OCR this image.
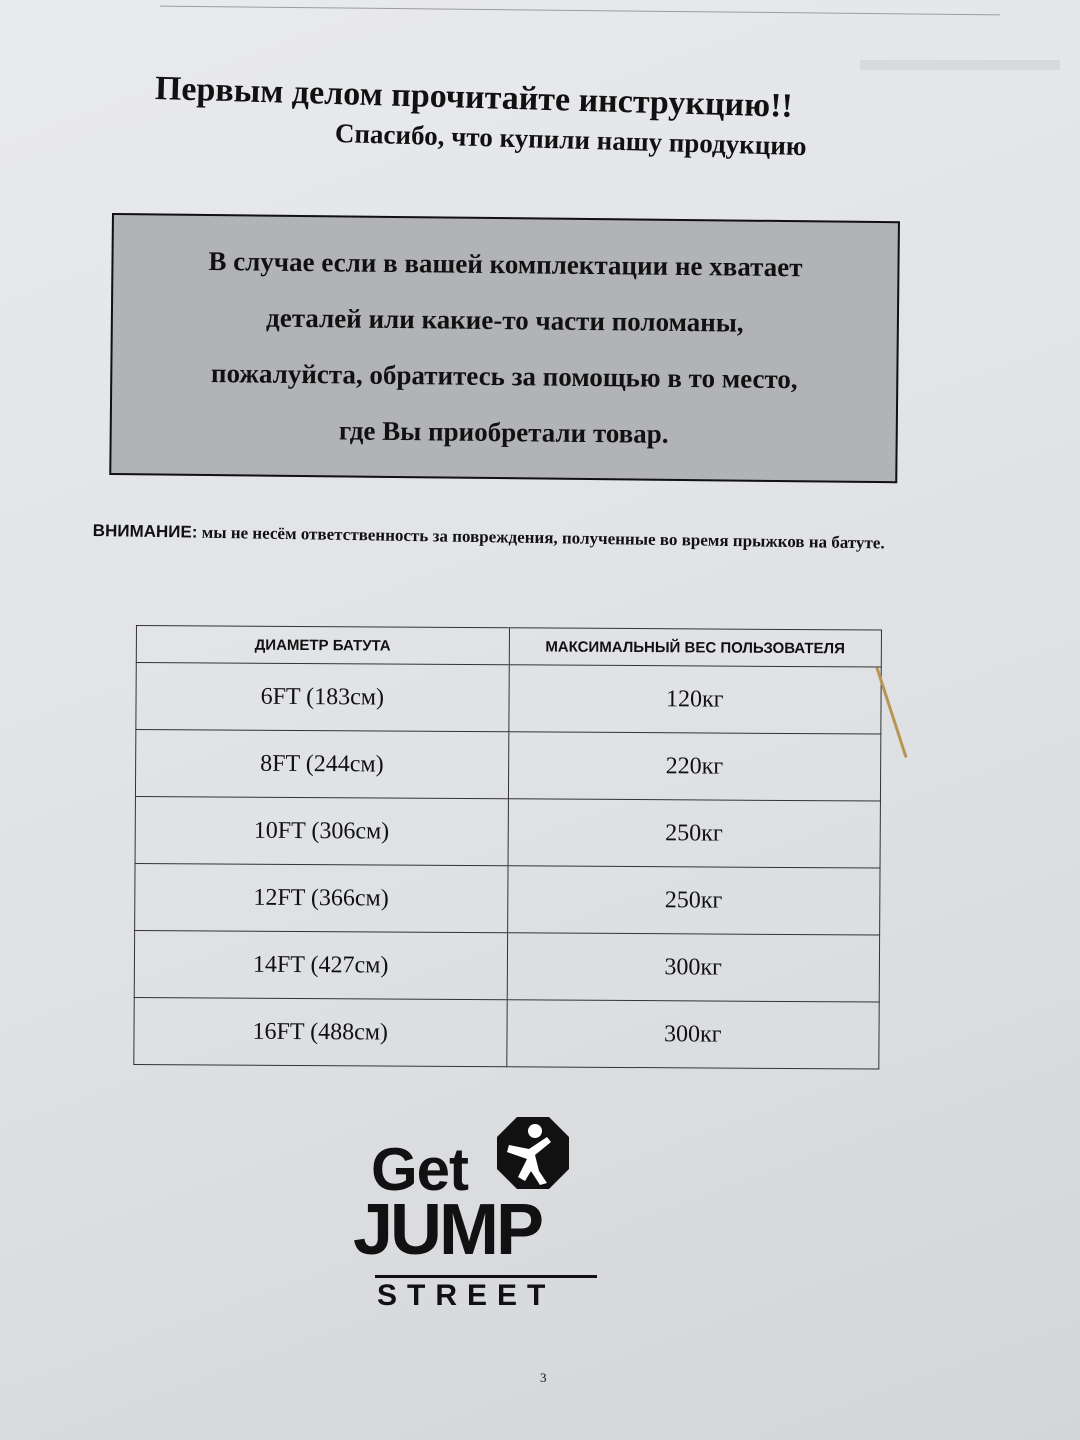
Первым делом прочитайте инструкцию!!
Спасибо, что купили нашу продукцию
В случае если в вашей комплектации не хватает
деталей или какие-то части поломаны,
пожалуйста, обратитесь за помощью в то место,
где Вы приобретали товар.
ВНИМАНИЕ: мы не несём ответственность за повреждения, полученные во время прыжков на батуте.
ДИАМЕТР БАТУТА	МАКСИМАЛЬНЫЙ ВЕС ПОЛЬЗОВАТЕЛЯ
6FT (183см)	120кг
8FT (244см)	220кг
10FT (306см)	250кг
12FT (366см)	250кг
14FT (427см)	300кг
16FT (488см)	300кг
Get
JUMP
STREET
3
